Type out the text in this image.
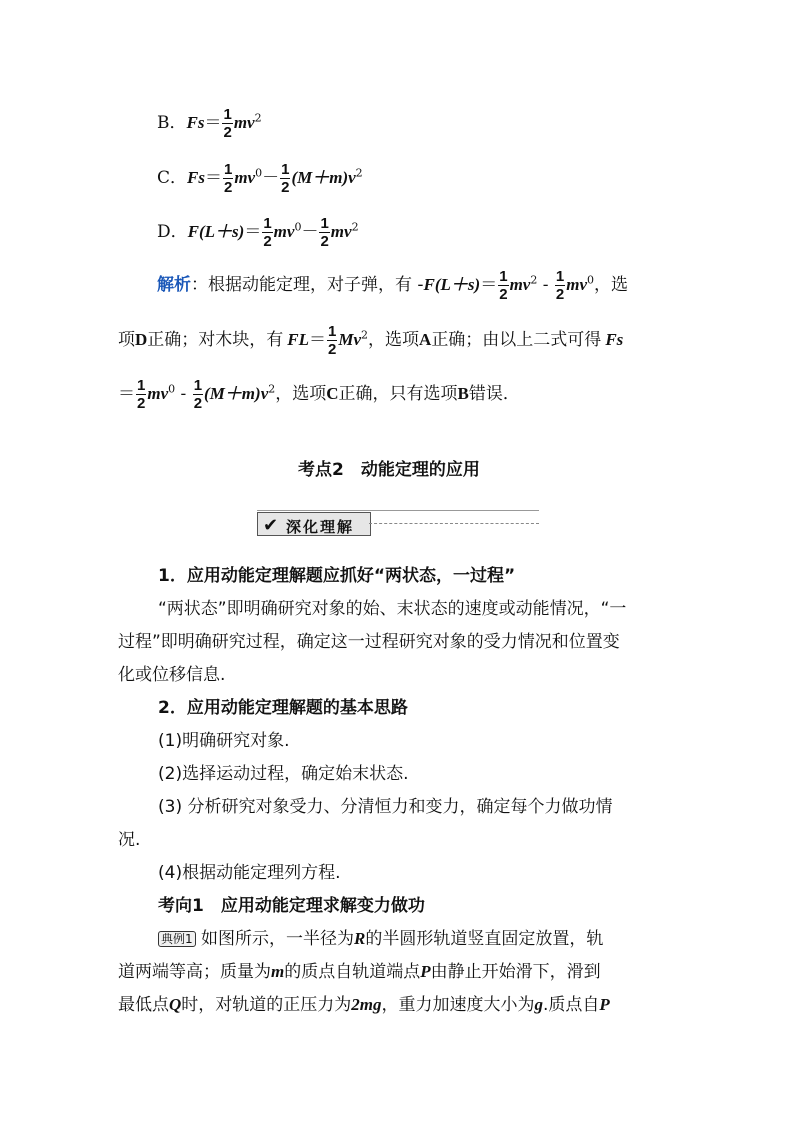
B．$Fs= \frac{1}{2} mv^2$
C．$Fs= \frac{1}{2} mv^0- \frac{1}{2} (M+m)v^2$
D．$F(L+s)= \frac{1}{2} mv^0- \frac{1}{2} mv^2$
解析：根据动能定理，对子弹，有 $-F(L+s)= \frac{1}{2} mv^2 - \frac{1}{2} mv^0$，选
项D正确；对木块，有 $FL= \frac{1}{2} Mv^2$，选项A正确；由以上二式可得 Fs
＝ $\frac{1}{2} mv^0 - \frac{1}{2} (M+m)v^2$，选项C正确，只有选项B错误．
考点2　动能定理的应用
✔ 深化理解
1．应用动能定理解题应抓好“两状态，一过程”
“两状态”即明确研究对象的始、末状态的速度或动能情况，“一
过程”即明确研究过程，确定这一过程研究对象的受力情况和位置变
化或位移信息.
2．应用动能定理解题的基本思路
(1)明确研究对象.
(2)选择运动过程，确定始末状态.
(3) 分析研究对象受力、分清恒力和变力，确定每个力做功情
况.
(4)根据动能定理列方程.
考向1　应用动能定理求解变力做功
典例1 如图所示，一半径为R的半圆形轨道竖直固定放置，轨
道两端等高；质量为m的质点自轨道端点P由静止开始滑下，滑到
最低点Q时，对轨道的正压力为2mg，重力加速度大小为g.质点自P
